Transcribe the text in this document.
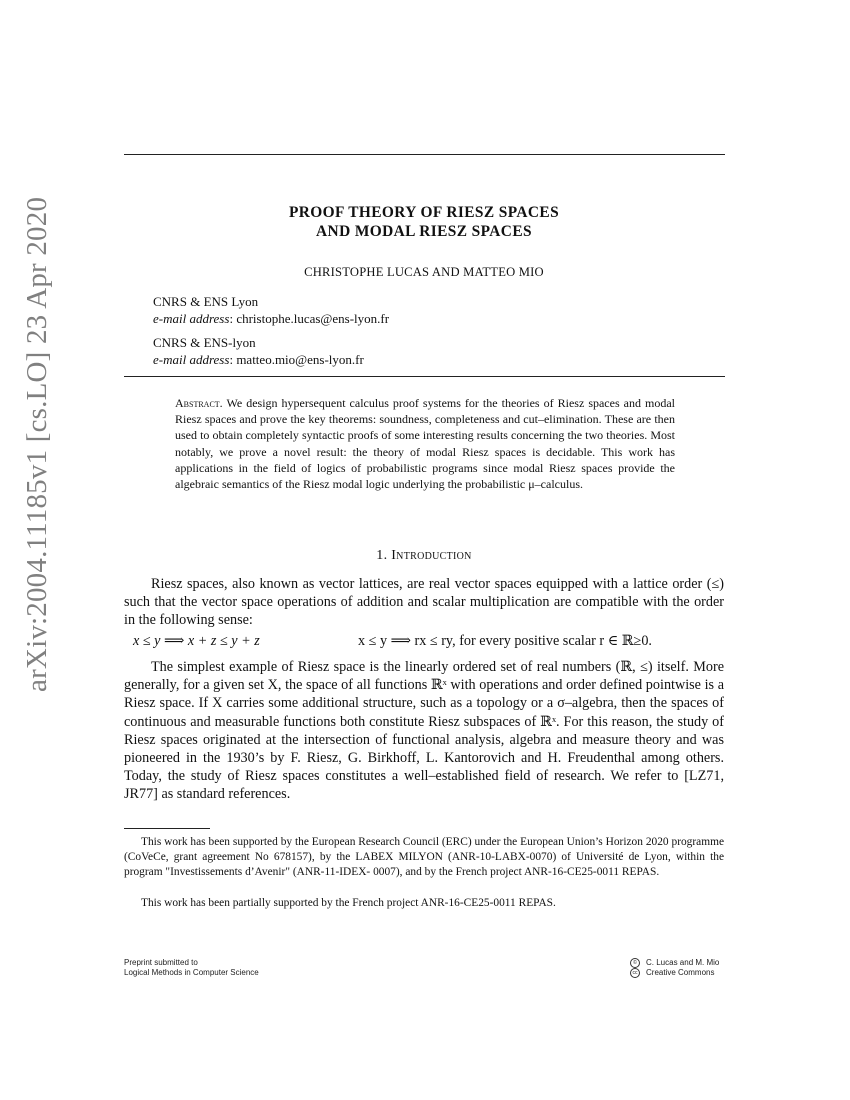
arXiv:2004.11185v1 [cs.LO] 23 Apr 2020	PROOF THEORY OF RIESZ SPACES
AND MODAL RIESZ SPACES
CHRISTOPHE LUCAS AND MATTEO MIO
CNRS & ENS Lyon
e-mail address: christophe.lucas@ens-lyon.fr
CNRS & ENS-lyon
e-mail address: matteo.mio@ens-lyon.fr
Abstract. We design hypersequent calculus proof systems for the theories of Riesz spaces and modal Riesz spaces and prove the key theorems: soundness, completeness and cut–elimination. These are then used to obtain completely syntactic proofs of some interesting results concerning the two theories. Most notably, we prove a novel result: the theory of modal Riesz spaces is decidable. This work has applications in the field of logics of probabilistic programs since modal Riesz spaces provide the algebraic semantics of the Riesz modal logic underlying the probabilistic μ–calculus.
1. Introduction
Riesz spaces, also known as vector lattices, are real vector spaces equipped with a lattice order (≤) such that the vector space operations of addition and scalar multiplication are compatible with the order in the following sense:
x ≤ y ⟹ x + z ≤ y + z	x ≤ y ⟹ rx ≤ ry, for every positive scalar r ∈ ℝ≥0.
The simplest example of Riesz space is the linearly ordered set of real numbers (ℝ, ≤) itself. More generally, for a given set X, the space of all functions ℝˣ with operations and order defined pointwise is a Riesz space. If X carries some additional structure, such as a topology or a σ–algebra, then the spaces of continuous and measurable functions both constitute Riesz subspaces of ℝˣ. For this reason, the study of Riesz spaces originated at the intersection of functional analysis, algebra and measure theory and was pioneered in the 1930’s by F. Riesz, G. Birkhoff, L. Kantorovich and H. Freudenthal among others. Today, the study of Riesz spaces constitutes a well–established field of research. We refer to [LZ71, JR77] as standard references.
This work has been supported by the European Research Council (ERC) under the European Union’s Horizon 2020 programme (CoVeCe, grant agreement No 678157), by the LABEX MILYON (ANR-10-LABX-0070) of Université de Lyon, within the program "Investissements d’Avenir" (ANR-11-IDEX- 0007), and by the French project ANR-16-CE25-0011 REPAS.
This work has been partially supported by the French project ANR-16-CE25-0011 REPAS.
Preprint submitted to
Logical Methods in Computer Science
© C. Lucas and M. Mio
cc Creative Commons
